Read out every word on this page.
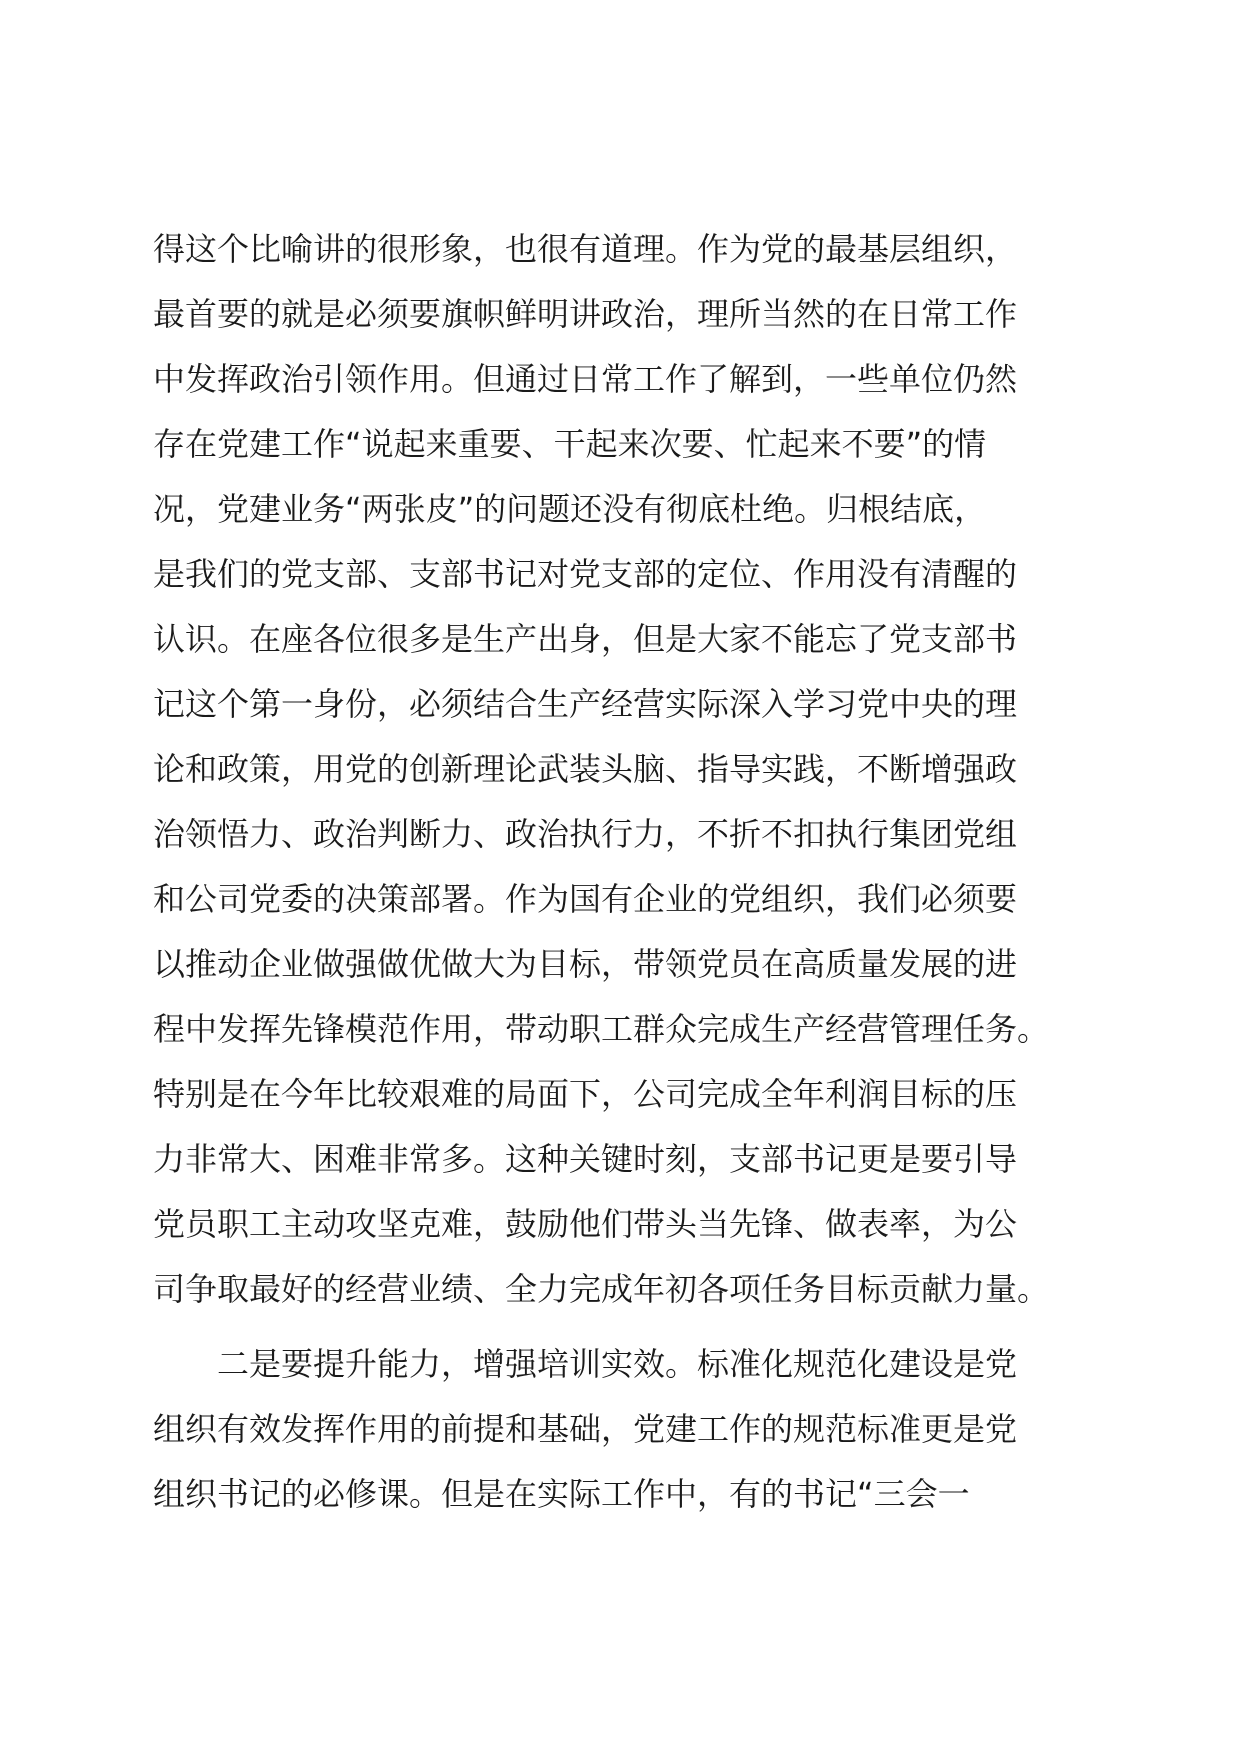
得这个比喻讲的很形象，也很有道理。作为党的最基层组织，
最首要的就是必须要旗帜鲜明讲政治，理所当然的在日常工作
中发挥政治引领作用。但通过日常工作了解到，一些单位仍然
存在党建工作“说起来重要、干起来次要、忙起来不要”的情
况，党建业务“两张皮”的问题还没有彻底杜绝。归根结底，
是我们的党支部、支部书记对党支部的定位、作用没有清醒的
认识。在座各位很多是生产出身，但是大家不能忘了党支部书
记这个第一身份，必须结合生产经营实际深入学习党中央的理
论和政策，用党的创新理论武装头脑、指导实践，不断增强政
治领悟力、政治判断力、政治执行力，不折不扣执行集团党组
和公司党委的决策部署。作为国有企业的党组织，我们必须要
以推动企业做强做优做大为目标，带领党员在高质量发展的进
程中发挥先锋模范作用，带动职工群众完成生产经营管理任务。
特别是在今年比较艰难的局面下，公司完成全年利润目标的压
力非常大、困难非常多。这种关键时刻，支部书记更是要引导
党员职工主动攻坚克难，鼓励他们带头当先锋、做表率，为公
司争取最好的经营业绩、全力完成年初各项任务目标贡献力量。
二是要提升能力，增强培训实效。标准化规范化建设是党
组织有效发挥作用的前提和基础，党建工作的规范标准更是党
组织书记的必修课。但是在实际工作中，有的书记“三会一
